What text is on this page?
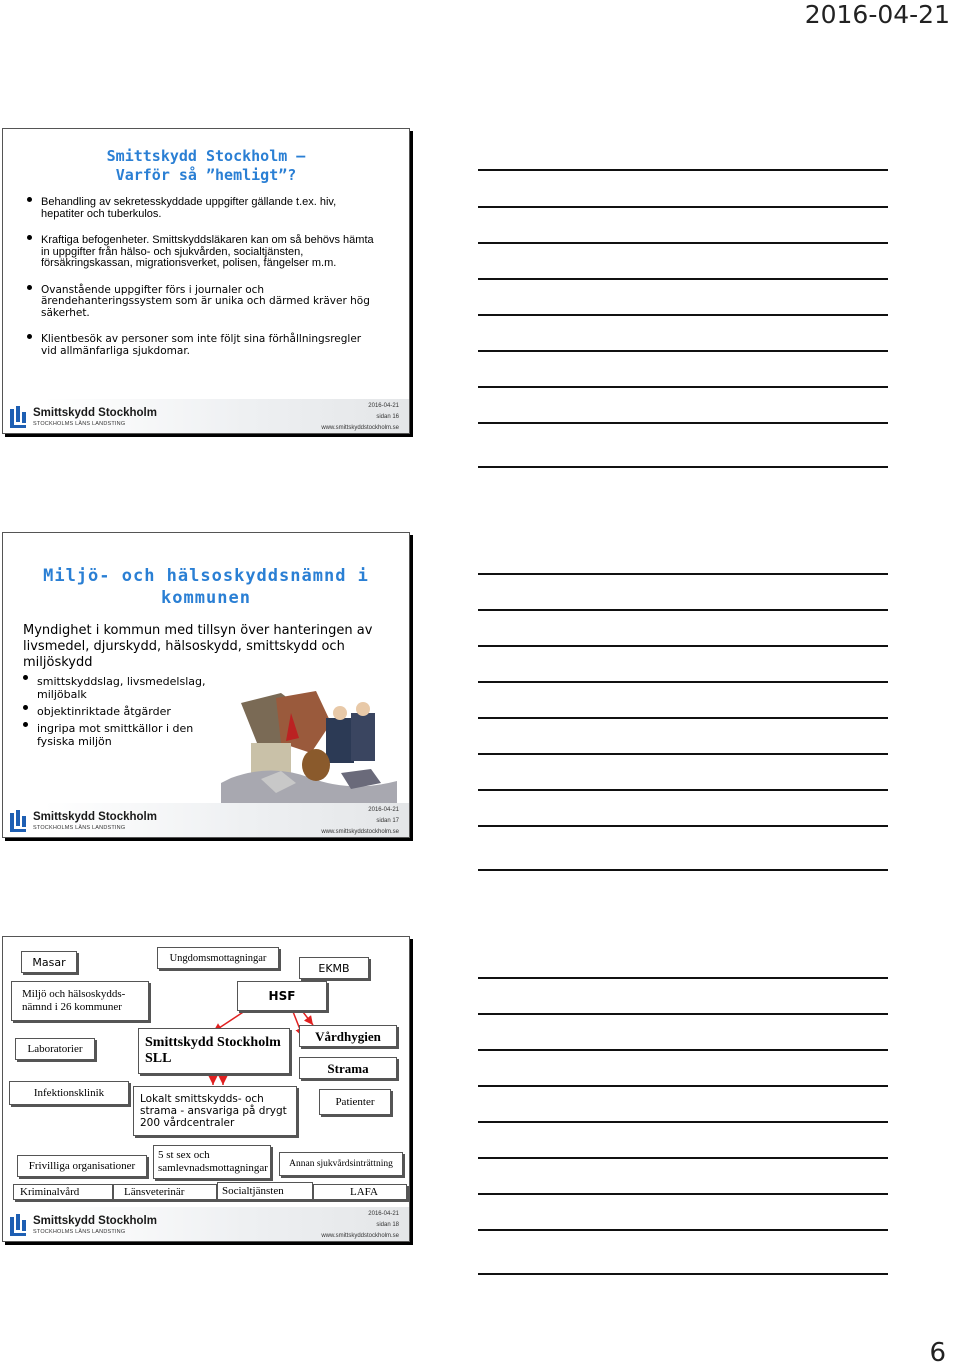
2016-04-21
Smittskydd Stockholm –
Varför så ”hemligt”?
Behandling av sekretesskyddade uppgifter gällande t.ex. hiv, hepatiter och tuberkulos.
Kraftiga befogenheter. Smittskyddsläkaren kan om så behövs hämta in uppgifter från hälso- och sjukvården, socialtjänsten, försäkringskassan, migrationsverket, polisen, fängelser m.m.
Ovanstående uppgifter förs i journaler och ärendehanteringssystem som är unika och därmed kräver hög säkerhet.
Klientbesök av personer som inte följt sina förhållningsregler vid allmänfarliga sjukdomar.
Smittskydd Stockholm
STOCKHOLMS LÄNS LANDSTING
2016-04-21
sidan 16
www.smittskyddstockholm.se
Miljö- och hälsoskyddsnämnd i
kommunen
Myndighet i kommun med tillsyn över hanteringen av livsmedel, djurskydd, hälsoskydd, smittskydd och miljöskydd
smittskyddslag, livsmedelslag, miljöbalk
objektinriktade åtgärder
ingripa mot smittkällor i den fysiska miljön
Smittskydd Stockholm
STOCKHOLMS LÄNS LANDSTING
2016-04-21
sidan 17
www.smittskyddstockholm.se
Masar	Ungdomsmottagningar
EKMB
Miljö och hälsoskydds-nämnd i 26 kommuner
HSF
Laboratorier	Smittskydd Stockholm
SLL
Vårdhygien
Strama
Infektionsklinik
Lokalt smittskydds- och strama - ansvariga på drygt 200 vårdcentraler
Patienter
Frivilliga organisationer
5 st sex och samlevnadsmottagningar Annan sjukvårdsinträttning
Kriminalvård	Länsveterinär	Socialtjänsten	LAFA
Smittskydd Stockholm
STOCKHOLMS LÄNS LANDSTING
2016-04-21
sidan 18
www.smittskyddstockholm.se
6
